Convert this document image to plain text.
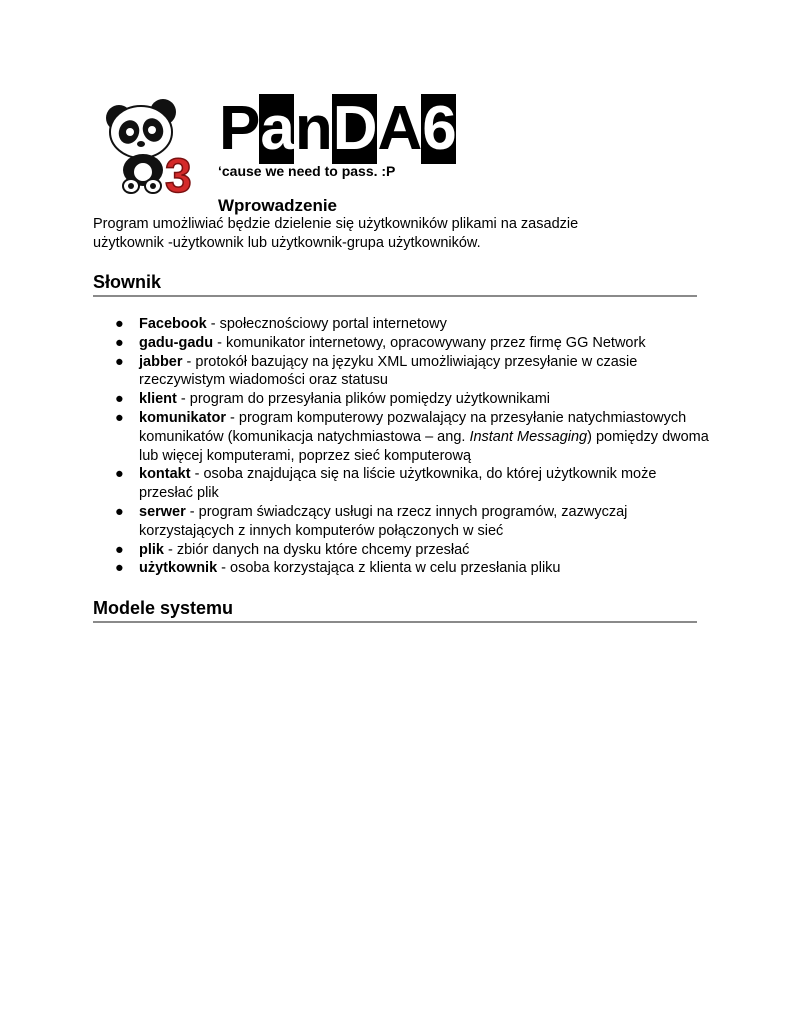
3
P a n D A 6
‘cause we need to pass. :P
Wprowadzenie
Program umożliwiać będzie dzielenie się użytkowników plikami na zasadzie użytkownik -użytkownik lub użytkownik-grupa użytkowników.
Słownik
● Facebook - społecznościowy portal internetowy
● gadu-gadu - komunikator internetowy, opracowywany przez firmę GG Network
● jabber - protokół bazujący na języku XML umożliwiający przesyłanie w czasie rzeczywistym wiadomości oraz statusu
● klient - program do przesyłania plików pomiędzy użytkownikami
● komunikator - program komputerowy pozwalający na przesyłanie natychmiastowych komunikatów (komunikacja natychmiastowa – ang. Instant Messaging) pomiędzy dwoma lub więcej komputerami, poprzez sieć komputerową
● kontakt - osoba znajdująca się na liście użytkownika, do której użytkownik może przesłać plik
● serwer - program świadczący usługi na rzecz innych programów, zazwyczaj korzystających z innych komputerów połączonych w sieć
● plik - zbiór danych na dysku które chcemy przesłać
● użytkownik - osoba korzystająca z klienta w celu przesłania pliku
Modele systemu
